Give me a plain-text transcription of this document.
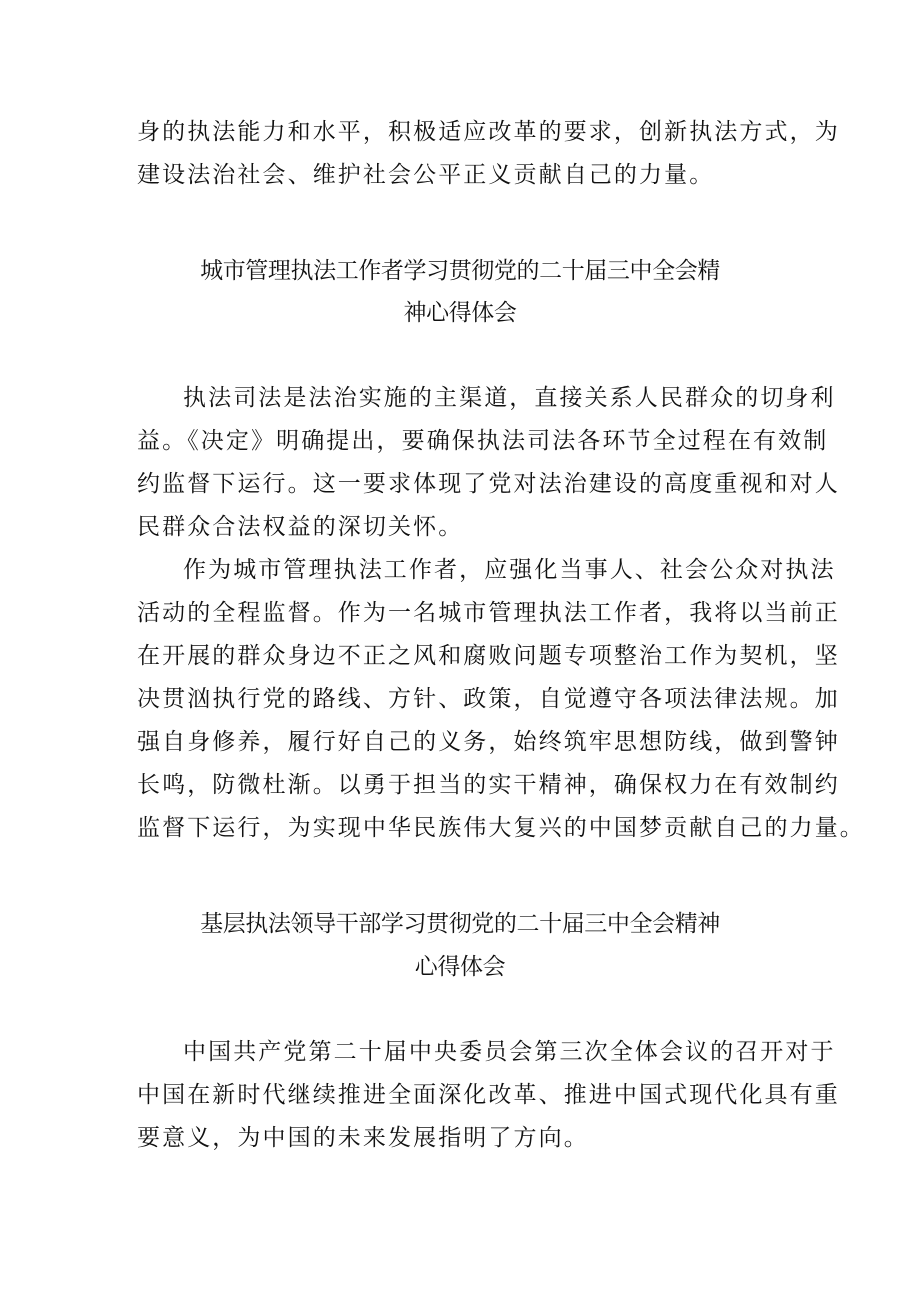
身的执法能力和水平，积极适应改革的要求，创新执法方式，为
建设法治社会、维护社会公平正义贡献自己的力量。
城市管理执法工作者学习贯彻党的二十届三中全会精
神心得体会
执法司法是法治实施的主渠道，直接关系人民群众的切身利
益。《决定》明确提出，要确保执法司法各环节全过程在有效制
约监督下运行。这一要求体现了党对法治建设的高度重视和对人
民群众合法权益的深切关怀。
作为城市管理执法工作者，应强化当事人、社会公众对执法
活动的全程监督。作为一名城市管理执法工作者，我将以当前正
在开展的群众身边不正之风和腐败问题专项整治工作为契机，坚
决贯汹执行党的路线、方针、政策，自觉遵守各项法律法规。加
强自身修养，履行好自己的义务，始终筑牢思想防线，做到警钟
长鸣，防微杜渐。以勇于担当的实干精神，确保权力在有效制约
监督下运行，为实现中华民族伟大复兴的中国梦贡献自己的力量。
基层执法领导干部学习贯彻党的二十届三中全会精神
心得体会
中国共产党第二十届中央委员会第三次全体会议的召开对于
中国在新时代继续推进全面深化改革、推进中国式现代化具有重
要意义，为中国的未来发展指明了方向。
